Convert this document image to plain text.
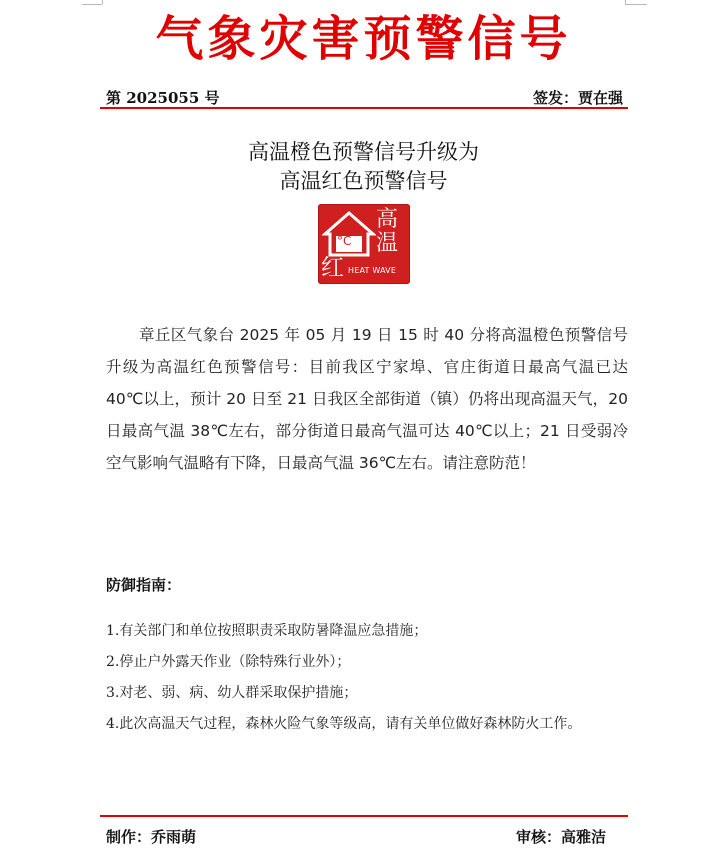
气象灾害预警信号
第 2025055 号	签发：贾在强
高温橙色预警信号升级为
高温红色预警信号
°C
高
温
红 HEAT WAVE
章丘区气象台 2025 年 05 月 19 日 15 时 40 分将高温橙色预警信号升级为高温红色预警信号：目前我区宁家埠、官庄街道日最高气温已达 40℃以上，预计 20 日至 21 日我区全部街道（镇）仍将出现高温天气，20 日最高气温 38℃左右，部分街道日最高气温可达 40℃以上；21 日受弱冷空气影响气温略有下降，日最高气温 36℃左右。请注意防范！
防御指南：
1.有关部门和单位按照职责采取防暑降温应急措施；
2.停止户外露天作业（除特殊行业外）；
3.对老、弱、病、幼人群采取保护措施；
4.此次高温天气过程，森林火险气象等级高，请有关单位做好森林防火工作。
制作：乔雨萌	审核：高雅洁
